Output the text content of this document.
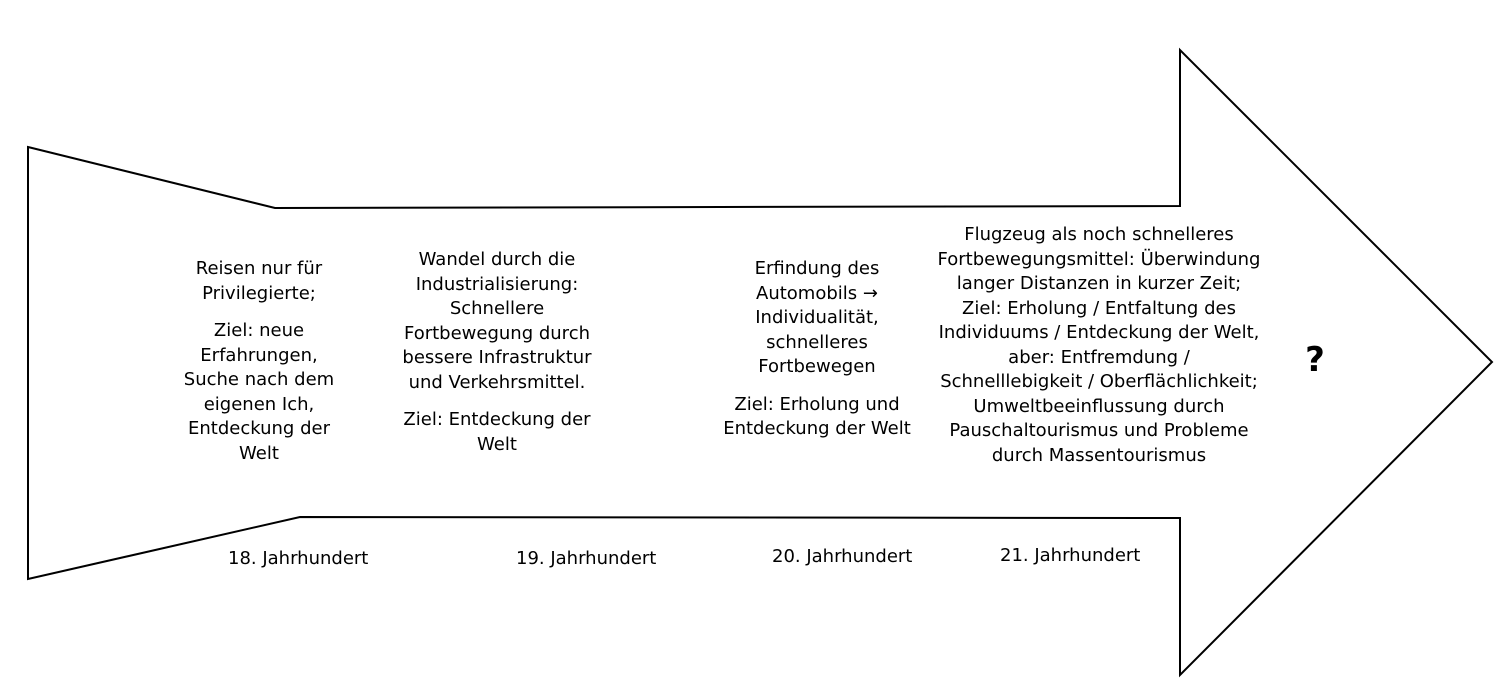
Reisen nur für Privilegierte;

Ziel: neue Erfahrungen, Suche nach dem eigenen Ich, Entdeckung der Welt

Wandel durch die Industrialisierung: Schnellere Fortbewegung durch bessere Infrastruktur und Verkehrsmittel.

Ziel: Entdeckung der Welt

Erfindung des Automobils → Individualität, schnelleres Fortbewegen

Ziel: Erholung und Entdeckung der Welt

Flugzeug als noch schnelleres Fortbewegungsmittel: Überwindung langer Distanzen in kurzer Zeit; Ziel: Erholung / Entfaltung des Individuums / Entdeckung der Welt, aber: Entfremdung / Schnelllebigkeit / Oberflächlichkeit; Umweltbeeinflussung durch Pauschaltourismus und Probleme durch Massentourismus

18. Jahrhundert	19. Jahrhundert	20. Jahrhundert	21. Jahrhundert
?
